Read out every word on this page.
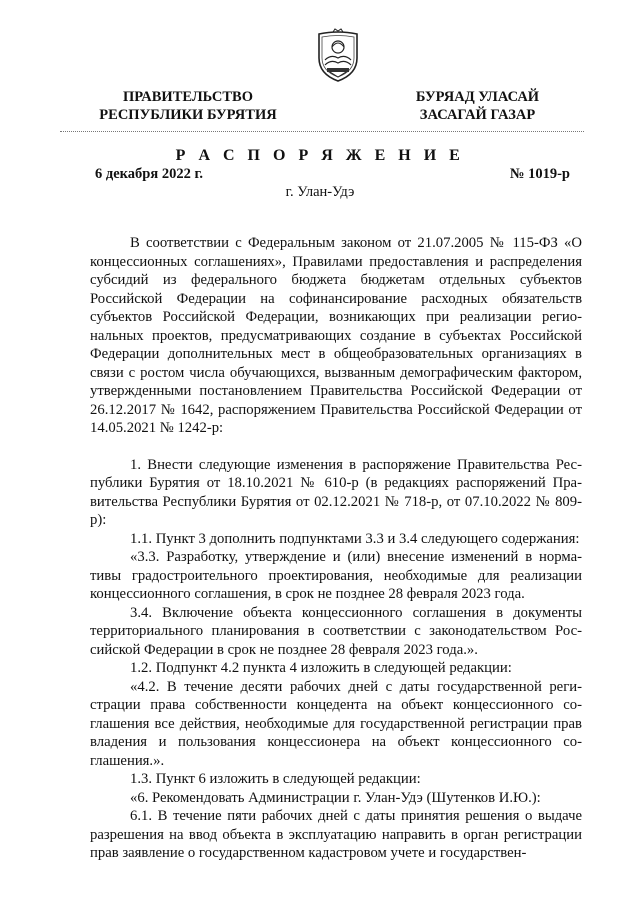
ПРАВИТЕЛЬСТВО
РЕСПУБЛИКИ БУРЯТИЯ
БУРЯАД УЛАСАЙ
ЗАСАГАЙ ГАЗАР
Р А С П О Р Я Ж Е Н И Е
6 декабря 2022 г.	№ 1019-р
г. Улан-Удэ

В соответствии с Федеральным законом от 21.07.2005 № 115-ФЗ «О концессионных соглашениях», Правилами предоставления и распределения субсидий из федерального бюджета бюджетам отдельных субъектов Российской Федерации на софинансирование расходных обязательств субъектов Российской Федерации, возникающих при реализации региональных проектов, предусматривающих создание в субъектах Российской Федерации дополнительных мест в общеобразовательных организациях в связи с ростом числа обучающихся, вызванным демографическим фактором, утвержденными постановлением Правительства Российской Федерации от 26.12.2017 № 1642, распоряжением Правительства Российской Федерации от 14.05.2021 № 1242-р:

1. Внести следующие изменения в распоряжение Правительства Республики Бурятия от 18.10.2021 № 610-р (в редакциях распоряжений Правительства Республики Бурятия от 02.12.2021 № 718-р, от 07.10.2022 № 809-р):

1.1. Пункт 3 дополнить подпунктами 3.3 и 3.4 следующего содержания:

«3.3. Разработку, утверждение и (или) внесение изменений в нормативы градостроительного проектирования, необходимые для реализации концессионного соглашения, в срок не позднее 28 февраля 2023 года.

3.4. Включение объекта концессионного соглашения в документы территориального планирования в соответствии с законодательством Российской Федерации в срок не позднее 28 февраля 2023 года.».

1.2. Подпункт 4.2 пункта 4 изложить в следующей редакции:

«4.2. В течение десяти рабочих дней с даты государственной регистрации права собственности концедента на объект концессионного соглашения все действия, необходимые для государственной регистрации прав владения и пользования концессионера на объект концессионного соглашения.».

1.3. Пункт 6 изложить в следующей редакции:

«6. Рекомендовать Администрации г. Улан-Удэ (Шутенков И.Ю.):

6.1. В течение пяти рабочих дней с даты принятия решения о выдаче разрешения на ввод объекта в эксплуатацию направить в орган регистрации прав заявление о государственном кадастровом учете и государствен-
